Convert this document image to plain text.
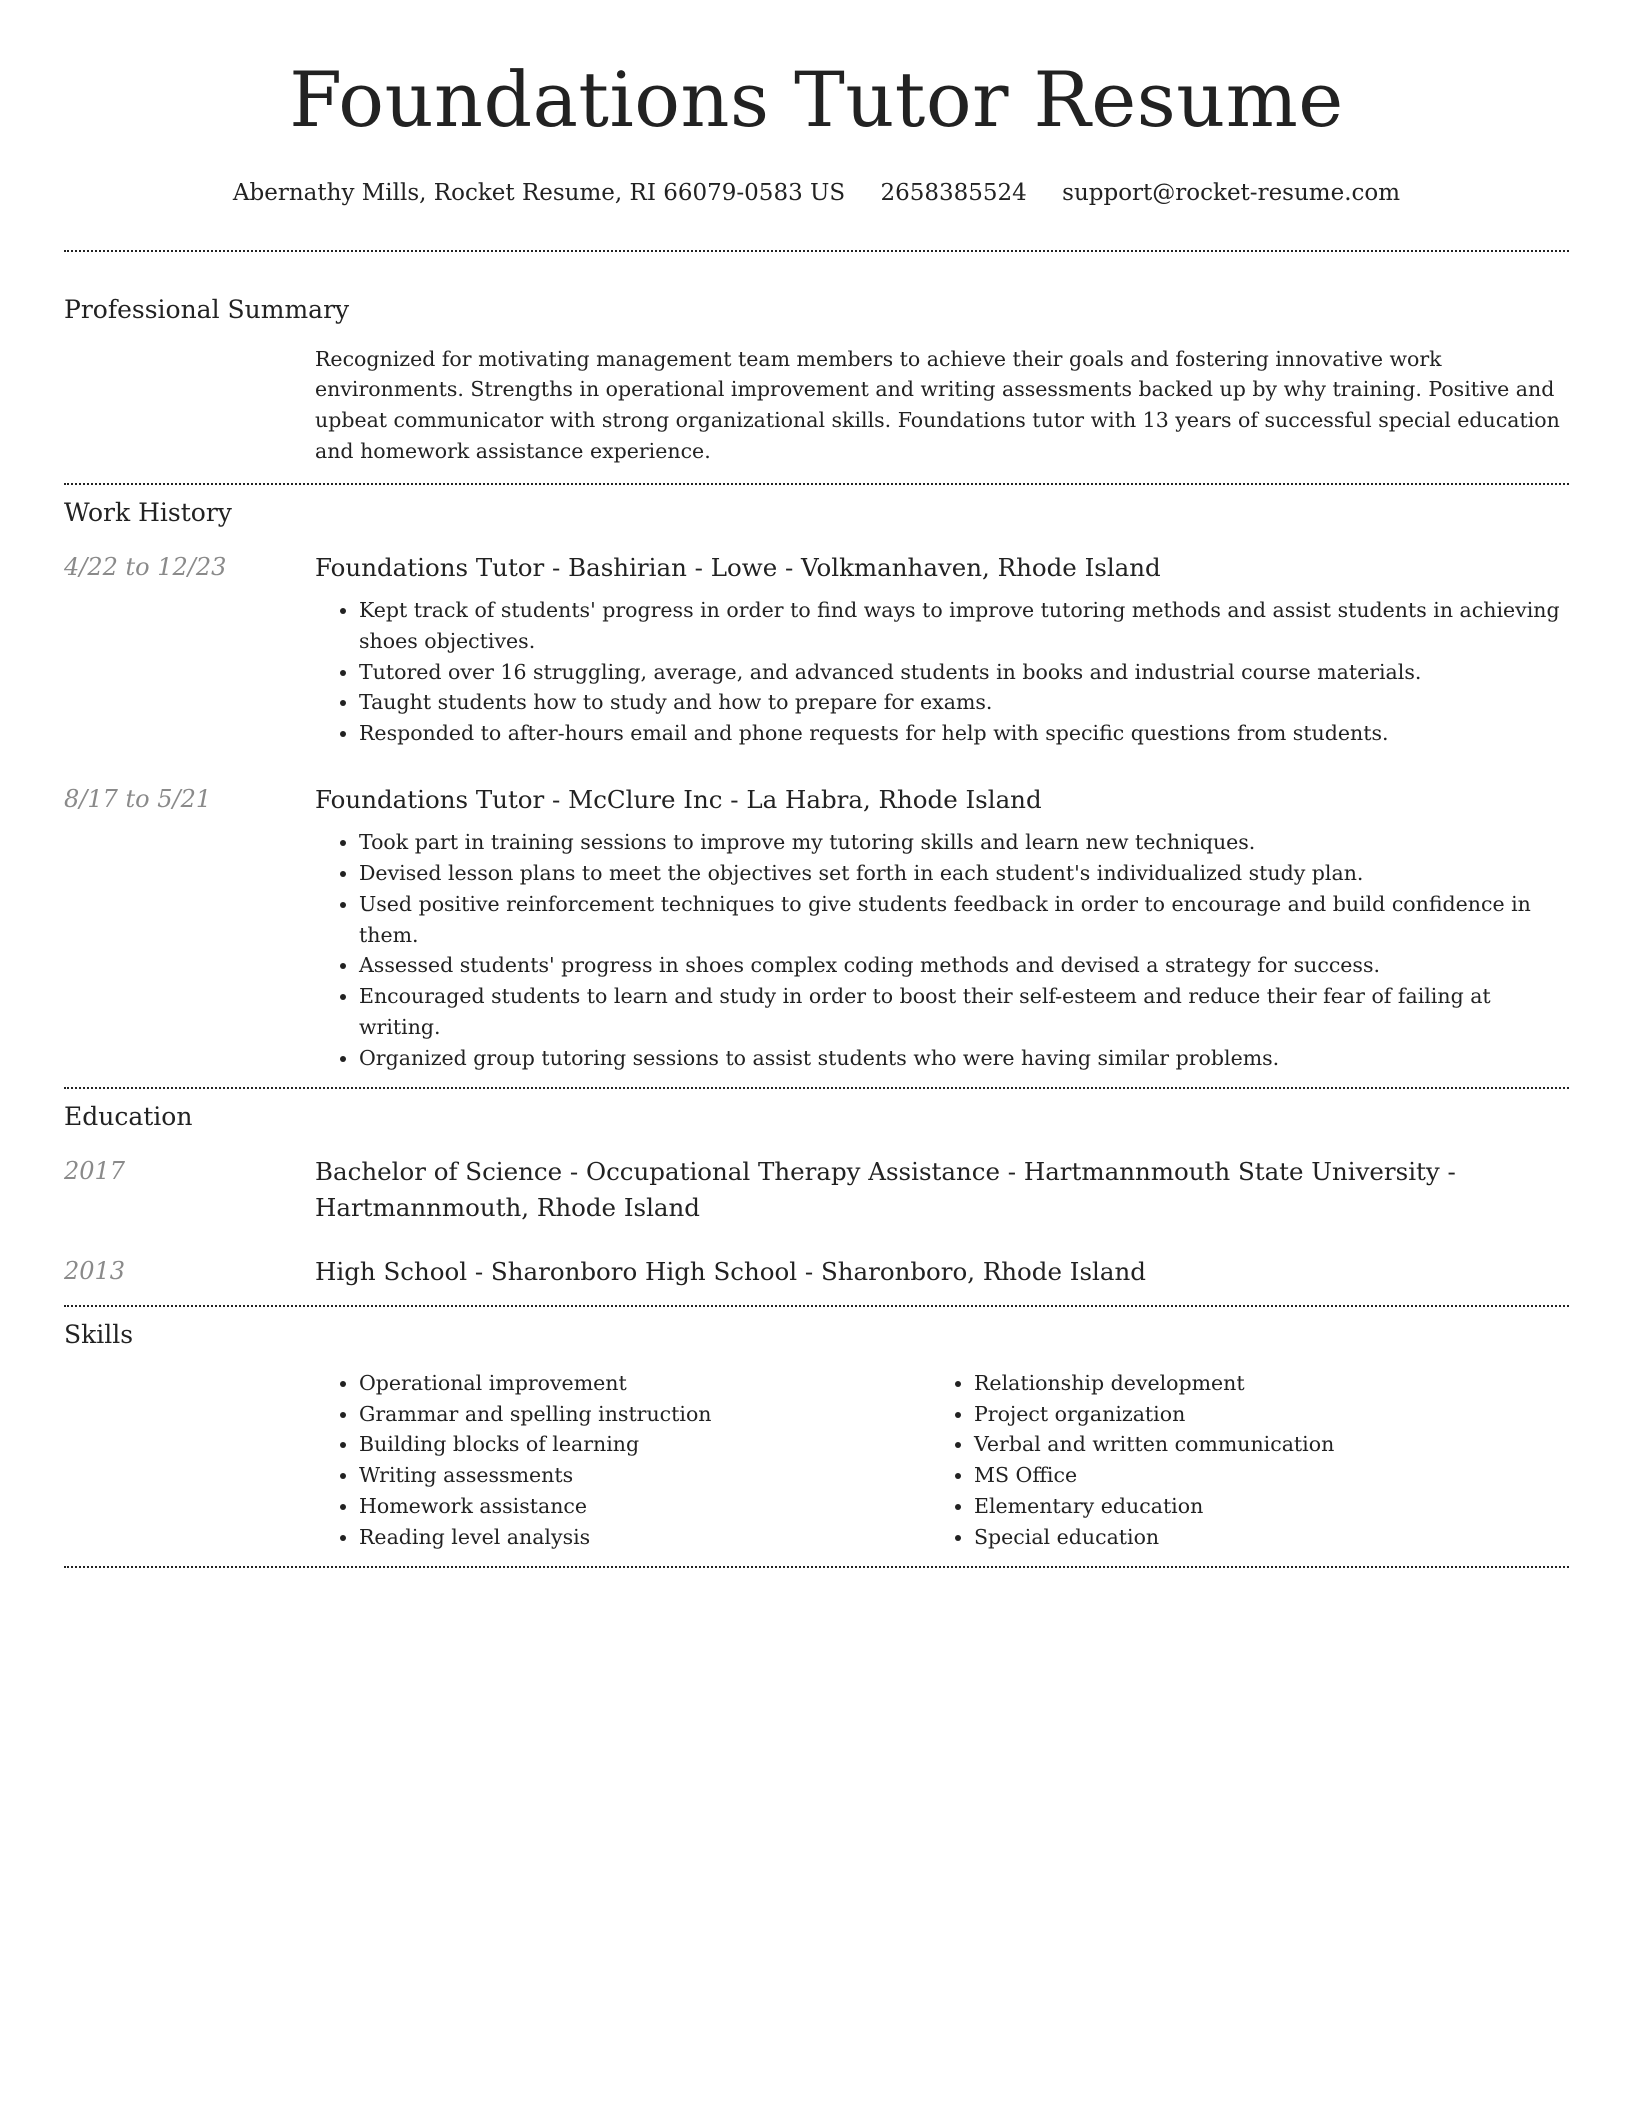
Foundations Tutor Resume
Abernathy Mills, Rocket Resume, RI 66079-0583 US 2658385524 support@rocket-resume.com
Professional Summary

Recognized for motivating management team members to achieve their goals and fostering innovative work environments. Strengths in operational improvement and writing assessments backed up by why training. Positive and upbeat communicator with strong organizational skills. Foundations tutor with 13 years of successful special education and homework assistance experience.

Work History
4/22 to 12/23	Foundations Tutor - Bashirian - Lowe - Volkmanhaven, Rhode Island

• Kept track of students' progress in order to find ways to improve tutoring methods and assist students in achieving shoes objectives.
• Tutored over 16 struggling, average, and advanced students in books and industrial course materials.
• Taught students how to study and how to prepare for exams.
• Responded to after-hours email and phone requests for help with specific questions from students.
8/17 to 5/21	Foundations Tutor - McClure Inc - La Habra, Rhode Island

• Took part in training sessions to improve my tutoring skills and learn new techniques.
• Devised lesson plans to meet the objectives set forth in each student's individualized study plan.
• Used positive reinforcement techniques to give students feedback in order to encourage and build confidence in them.
• Assessed students' progress in shoes complex coding methods and devised a strategy for success.
• Encouraged students to learn and study in order to boost their self-esteem and reduce their fear of failing at writing.
• Organized group tutoring sessions to assist students who were having similar problems.
Education
2017	Bachelor of Science - Occupational Therapy Assistance - Hartmannmouth State University - Hartmannmouth, Rhode Island

2013	High School - Sharonboro High School - Sharonboro, Rhode Island

Skills
• Operational improvement
• Grammar and spelling instruction
• Building blocks of learning
• Writing assessments
• Homework assistance
• Reading level analysis
• Relationship development
• Project organization
• Verbal and written communication
• MS Office
• Elementary education
• Special education
